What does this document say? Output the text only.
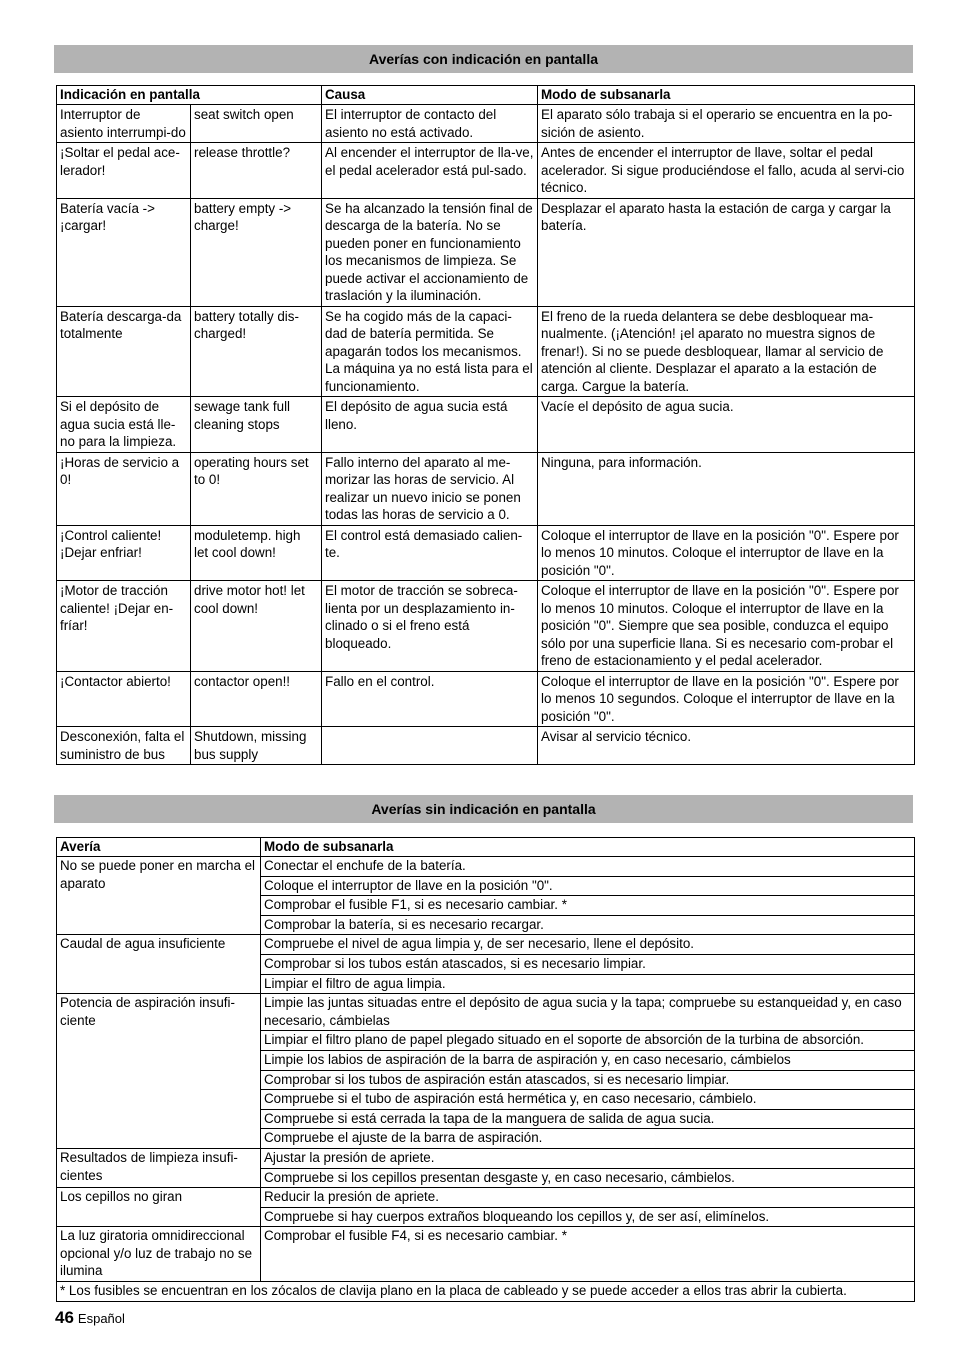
Averías con indicación en pantalla
Indicación en pantalla		Causa	Modo de subsanarla
Interruptor de asiento interrumpi-do	seat switch open	El interruptor de contacto del asiento no está activado.	El aparato sólo trabaja si el operario se encuentra en la po-sición de asiento.
¡Soltar el pedal ace-lerador!	release throttle?	Al encender el interruptor de lla-ve, el pedal acelerador está pul-sado.	Antes de encender el interruptor de llave, soltar el pedal acelerador. Si sigue produciéndose el fallo, acuda al servi-cio técnico.
Batería vacía -> ¡cargar!	battery empty -> charge!	Se ha alcanzado la tensión final de descarga de la batería. No se pueden poner en funcionamiento los mecanismos de limpieza. Se puede activar el accionamiento de traslación y la iluminación.	Desplazar el aparato hasta la estación de carga y cargar la batería.
Batería descarga-da totalmente	battery totally dis-charged!	Se ha cogido más de la capaci-dad de batería permitida. Se apagarán todos los mecanismos. La máquina ya no está lista para el funcionamiento.	El freno de la rueda delantera se debe desbloquear ma-nualmente. (¡Atención! ¡el aparato no muestra signos de frenar!). Si no se puede desbloquear, llamar al servicio de atención al cliente. Desplazar el aparato a la estación de carga. Cargue la batería.
Si el depósito de agua sucia está lle-no para la limpieza.	sewage tank full cleaning stops	El depósito de agua sucia está lleno.	Vacíe el depósito de agua sucia.
¡Horas de servicio a 0!	operating hours set to 0!	Fallo interno del aparato al me-morizar las horas de servicio. Al realizar un nuevo inicio se ponen todas las horas de servicio a 0.	Ninguna, para información.
¡Control caliente! ¡Dejar enfriar!	moduletemp. high let cool down!	El control está demasiado calien-te.	Coloque el interruptor de llave en la posición "0". Espere por lo menos 10 minutos. Coloque el interruptor de llave en la posición "0".
¡Motor de tracción caliente! ¡Dejar en-fríar!	drive motor hot! let cool down!	El motor de tracción se sobreca-lienta por un desplazamiento in-clinado o si el freno está bloqueado.	Coloque el interruptor de llave en la posición "0". Espere por lo menos 10 minutos. Coloque el interruptor de llave en la posición "0". Siempre que sea posible, conduzca el equipo sólo por una superficie llana. Si es necesario com-probar el freno de estacionamiento y el pedal acelerador.
¡Contactor abierto!	contactor open!!	Fallo en el control.	Coloque el interruptor de llave en la posición "0". Espere por lo menos 10 segundos. Coloque el interruptor de llave en la posición "0".
Desconexión, falta el suministro de bus	Shutdown, missing bus supply		Avisar al servicio técnico.
Averías sin indicación en pantalla
Avería	Modo de subsanarla
No se puede poner en marcha el aparato	Conectar el enchufe de la batería.
	Coloque el interruptor de llave en la posición "0".
	Comprobar el fusible F1, si es necesario cambiar. *
	Comprobar la batería, si es necesario recargar.
Caudal de agua insuficiente	Compruebe el nivel de agua limpia y, de ser necesario, llene el depósito.
	Comprobar si los tubos están atascados, si es necesario limpiar.
	Limpiar el filtro de agua limpia.
Potencia de aspiración insufi-ciente	Limpie las juntas situadas entre el depósito de agua sucia y la tapa; compruebe su estanqueidad y, en caso necesario, cámbielas
	Limpiar el filtro plano de papel plegado situado en el soporte de absorción de la turbina de absorción.
	Limpie los labios de aspiración de la barra de aspiración y, en caso necesario, cámbielos
	Comprobar si los tubos de aspiración están atascados, si es necesario limpiar.
	Compruebe si el tubo de aspiración está hermética y, en caso necesario, cámbielo.
	Compruebe si está cerrada la tapa de la manguera de salida de agua sucia.
	Compruebe el ajuste de la barra de aspiración.
Resultados de limpieza insufi-cientes	Ajustar la presión de apriete.
	Compruebe si los cepillos presentan desgaste y, en caso necesario, cámbielos.
Los cepillos no giran	Reducir la presión de apriete.
	Compruebe si hay cuerpos extraños bloqueando los cepillos y, de ser así, elimínelos.
La luz giratoria omnidireccional opcional y/o luz de trabajo no se ilumina	Comprobar el fusible F4, si es necesario cambiar. *
* Los fusibles se encuentran en los zócalos de clavija plano en la placa de cableado y se puede acceder a ellos tras abrir la cubierta.	
46 Español
